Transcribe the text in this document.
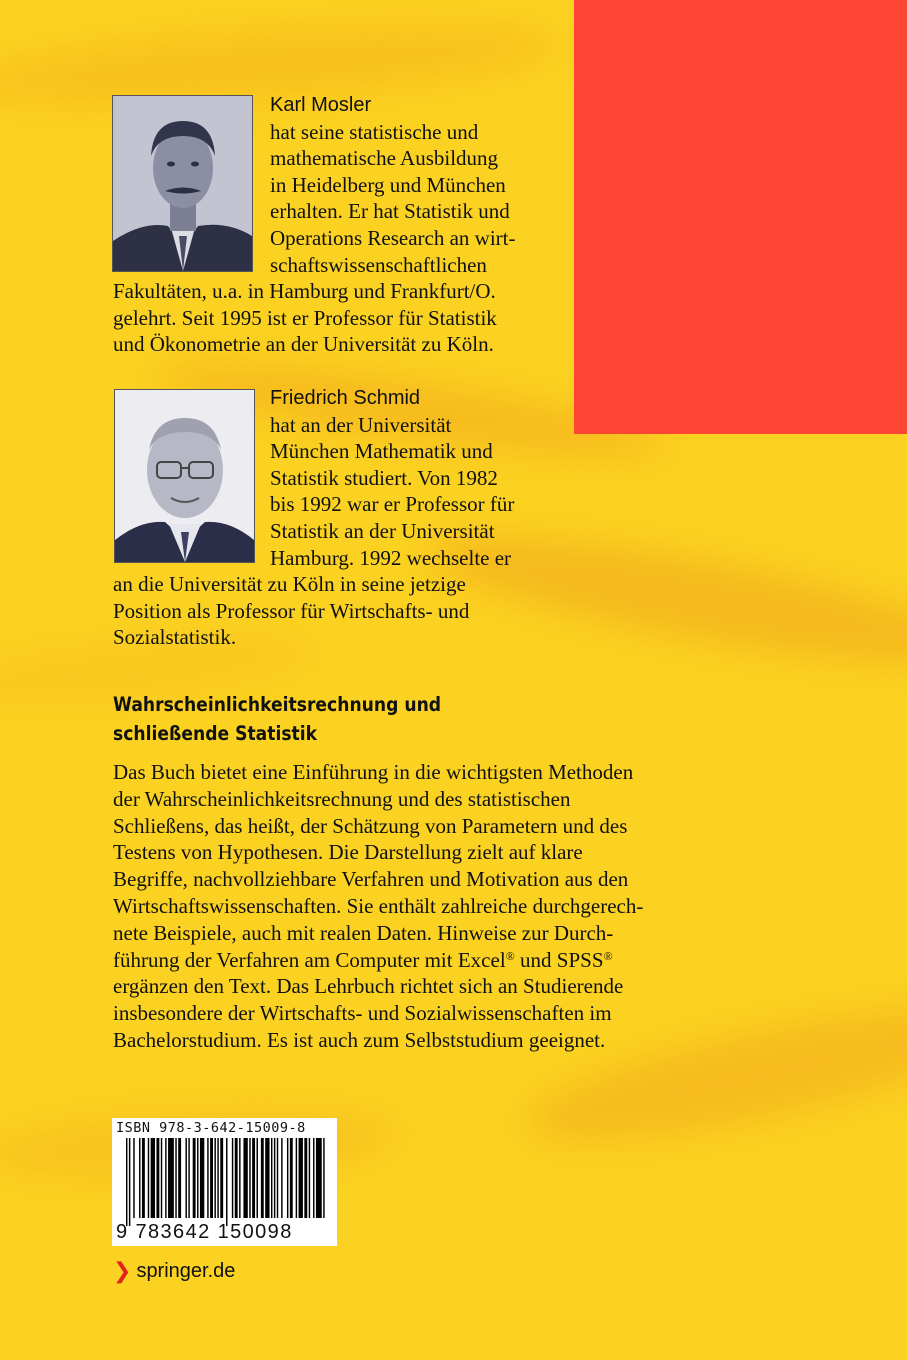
Karl Mosler
hat seine statistische und
mathematische Ausbildung
in Heidelberg und München
erhalten. Er hat Statistik und
Operations Research an wirt-
schaftswissenschaftlichen
Fakultäten, u.a. in Hamburg und Frankfurt/O.
gelehrt. Seit 1995 ist er Professor für Statistik
und Ökonometrie an der Universität zu Köln.
Friedrich Schmid
hat an der Universität
München Mathematik und
Statistik studiert. Von 1982
bis 1992 war er Professor für
Statistik an der Universität
Hamburg. 1992 wechselte er
an die Universität zu Köln in seine jetzige
Position als Professor für Wirtschafts- und
Sozialstatistik.
Wahrscheinlichkeitsrechnung und
schließende Statistik
Das Buch bietet eine Einführung in die wichtigsten Methoden
der Wahrscheinlichkeitsrechnung und des statistischen
Schließens, das heißt, der Schätzung von Parametern und des
Testens von Hypothesen. Die Darstellung zielt auf klare
Begriffe, nachvollziehbare Verfahren und Motivation aus den
Wirtschaftswissenschaften. Sie enthält zahlreiche durchgerech-
nete Beispiele, auch mit realen Daten. Hinweise zur Durch-
führung der Verfahren am Computer mit Excel® und SPSS®
ergänzen den Text. Das Lehrbuch richtet sich an Studierende
insbesondere der Wirtschafts- und Sozialwissenschaften im
Bachelorstudium. Es ist auch zum Selbststudium geeignet.
ISBN 978-3-642-15009-8
9 783642 150098
❯ springer.de
